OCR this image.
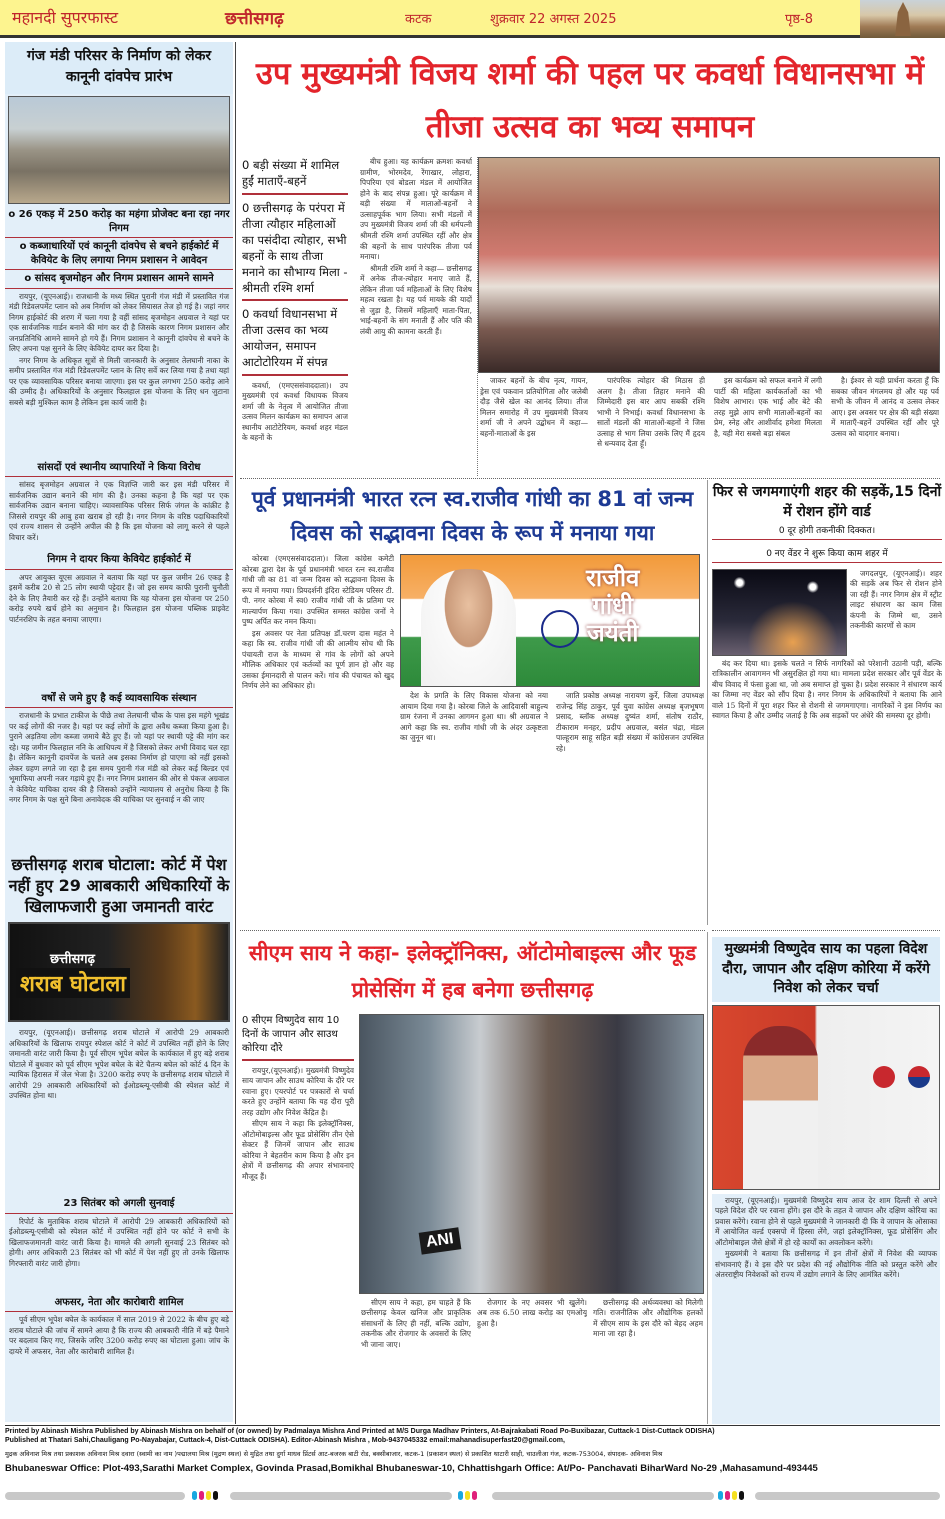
महानदी सुपरफास्ट	छत्तीसगढ़	कटक	शुक्रवार 22 अगस्त 2025	पृष्ठ-8
गंज मंडी परिसर के निर्माण को लेकर कानूनी दांवपेच प्रारंभ
o 26 एकड़ में 250 करोड़ का महंगा प्रोजेक्ट बना रहा नगर निगम
o कब्जाधारियों एवं कानूनी दांवपेच से बचने हाईकोर्ट में केवियेट के लिए लगाया निगम प्रशासन ने आवेदन
o सांसद बृजमोहन और निगम प्रशासन आमने सामने

रायपुर, (यूएनआई)। राजधानी के मध्य स्थित पुरानी गंज मंडी में प्रस्तावित गंज मंडी रिडेवलपमेंट प्लान को अब निर्माण को लेकर सियासत तेज हो गई है। जहां नगर निगम हाईकोर्ट की शरण में चला गया है वहीं सांसद बृजमोहन अग्रवाल ने यहां पर एक सार्वजनिक गार्डन बनाने की मांग कर दी है जिसके कारण निगम प्रशासन और जनप्रतिनिधि आमने सामने हो गये हैं। निगम प्रशासन ने कानूनी दांवपेच से बचने के लिए अपना पक्ष सुनने के लिए केवियेट दायर कर दिया है।

नगर निगम के अधिकृत सूत्रों से मिली जानकारी के अनुसार तेलघानी नाका के समीप प्रस्तावित गंज मंडी रिडेवलपमेंट प्लान के लिए सर्वे कर लिया गया है तथा यहां पर एक व्यावसायिक परिसर बनाया जाएगा। इस पर कुल लगभग 250 करोड़ आने की उम्मीद है। अधिकारियों के अनुसार फिलहाल इस योजना के लिए धन जुटाना सबसे बड़ी मुश्किल काम है लेकिन इस कार्य जारी है।

सांसदों एवं स्थानीय व्यापारियों ने किया विरोध

सांसद बृजमोहन अग्रवाल ने एक विज्ञप्ति जारी कर इस मंडी परिसर में सार्वजनिक उद्यान बनाने की मांग की है। उनका कहना है कि यहां पर एक सार्वजनिक उद्यान बनाना चाहिए। व्यावसायिक परिसर सिर्फ जंगल के कांक्रीट है जिससे रायपुर की आबु हवा खराब हो रही है। नगर निगम के वरिष्ठ पदाधिकारियों एवं राज्य शासन से उन्होंने अपील की है कि इस योजना को लागू करने से पहले विचार करें।

निगम ने दायर किया केवियेट हाईकोर्ट में

अपर आयुक्त यूएस अग्रवाल ने बताया कि यहां पर कुल जमीन 26 एकड़ है इसमें करीब 20 से 25 लोग स्थायी पट्टेदार हैं। जो इस समय काफी पुरानी चुनौती देने के लिए तैयारी कर रहे हैं। उन्होंने बताया कि यह योजना इस योजना पर 250 करोड़ रुपये खर्च होने का अनुमान है। फिलहाल इस योजना पब्लिक प्राइवेट पार्टनरशिप के तहत बनाया जाएगा।

वर्षों से जमे हुए है कई व्यावसायिक संस्थान

राजधानी के प्रभात टाकीज के पीछे तथा तेलघानी चौक के पास इस महंगे भूखंड पर कई लोगों की नजर है। यहां पर कई लोगों के द्वारा अवैध कब्जा किया हुआ है। पुराने अड़तिया लोग कब्जा जमाये बैठे हुए हैं। जो यहां पर स्थायी पट्टे की मांग कर रहे। यह जमीन फिलहाल ननि के आधिपत्य में है जिसको लेकर अभी विवाद चल रहा है। लेकिन कानूनी दावपेंज के चलते अब इसका निर्माण हो पाएगा को नहीं इसको लेकर ग्रहण लगते जा रहा है इस समय पुरानी गंज मंडी को लेकर कई बिल्डर एवं भूमाफिया अपनी नजर गड़ाये हुए हैं। नगर निगम प्रशासन की ओर से पंकज अग्रवाल ने केवियेट याचिका दायर की है जिसको उन्होंने न्यायालय से अनुरोध किया है कि नगर निगम के पक्ष सुने बिना अनावेदक की याचिका पर सुनवाई न की जाए

छत्तीसगढ़ शराब घोटाला: कोर्ट में पेश नहीं हुए 29 आबकारी अधिकारियों के खिलाफजारी हुआ जमानती वारंट
छत्तीसगढ़
शराब घोटाला

रायपुर, (यूएनआई)। छत्तीसगढ़ शराब घोटाले में आरोपी 29 आबकारी अधिकारियों के खिलाफ रायपुर स्पेशल कोर्ट ने कोर्ट में उपस्थित नहीं होने के लिए जमानती वारंट जारी किया है। पूर्व सीएम भूपेश बघेल के कार्यकाल में हुए बड़े शराब घोटाले में बुधवार को पूर्व सीएम भूपेश बघेल के बेटे चैतन्य बघेल को कोर्ट 4 दिन के न्यायिक हिरासत में जेल भेजा है। 3200 करोड़ रुपए के छत्तीसगढ़ शराब घोटाले में आरोपी 29 आबकारी अधिकारियों को ईओडब्ल्यू-एसीबी की स्पेशल कोर्ट में उपस्थित होना था।

23 सितंबर को अगली सुनवाई

रिपोर्ट के मुताबिक शराब घोटाले में आरोपी 29 आबकारी अधिकारियों को ईओडब्ल्यू-एसीबी को स्पेशल कोर्ट में उपस्थित नहीं होने पर कोर्ट ने सभी के खिलाफजमानती वारंट जारी किया है। मामले की अगली सुनवाई 23 सितंबर को होगी। अगर अधिकारी 23 सितंबर को भी कोर्ट में पेश नहीं हुए तो उनके खिलाफ गिरफ्तारी वारंट जारी होगा।

अफसर, नेता और कारोबारी शामिल

पूर्व सीएम भूपेश बघेल के कार्यकाल में साल 2019 से 2022 के बीच हुए बड़े शराब घोटाले की जांच में सामने आया है कि राज्य की आबकारी नीति में बड़े पैमाने पर बदलाव किए गए, जिसके जरिए 3200 करोड़ रुपए का घोटाला हुआ। जांच के दायरे में अफसर, नेता और कारोबारी शामिल हैं।

उप मुख्यमंत्री विजय शर्मा की पहल पर कवर्धा विधानसभा में तीजा उत्सव का भव्य समापन
0 बड़ी संख्या में शामिल हुईं माताएँ-बहनें
0 छत्तीसगढ़ के परंपरा में तीजा त्यौहार महिलाओं का पसंदीदा त्योहार, सभी बहनों के साथ तीजा मनाने का सौभाग्य मिला - श्रीमती रश्मि शर्मा
0 कवर्धा विधानसभा में तीजा उत्सव का भव्य आयोजन, समापन आटोटोरियम में संपन्न
कवर्धा, (एमएससंवाददाता)। उप मुख्यमंत्री एवं कवर्धा विधायक विजय शर्मा जी के नेतृत्व में आयोजित तीजा उत्सव मिलन कार्यक्रम का समापन आज स्थानीय आटोटेरियम, कवर्धा शहर मंडल के बहनों के

बीच हुआ। यह कार्यक्रम क्रमशः कवर्धा ग्रामीण, भोरमदेव, रेंगाखार, लोहारा, पिपरिया एवं बोडला मंडल में आयोजित होने के बाद संपन्न हुआ। पूरे कार्यक्रम में बड़ी संख्या में माताओं-बहनों ने उत्साहपूर्वक भाग लिया। सभी मंडलों में उप मुख्यमंत्री विजय शर्मा जी की धर्मपत्नी श्रीमती रश्मि शर्मा उपस्थित रहीं और क्षेत्र की बहनों के साथ पारंपरिक तीजा पर्व मनाया।

श्रीमती रश्मि शर्मा ने कहा— छत्तीसगढ़ में अनेक तीज-त्योहार मनाए जाते हैं, लेकिन तीजा पर्व महिलाओं के लिए विशेष महत्व रखता है। यह पर्व मायके की यादों से जुड़ा है, जिसमें महिलाएँ माता-पिता, भाई-बहनों के संग मनाती हैं और पति की लंबी आयु की कामना करती हैं।

जाकर बहनों के बीच नृत्य, गायन, ड्रेस एवं पकवान प्रतियोगिता और जलेबी दौड़ जैसे खेल का आनंद लिया। तीज मिलन समारोह में उप मुख्यमंत्री विजय शर्मा जी ने अपने उद्बोधन में कहा— बहनों-माताओं के इस
पारंपरिक त्योहार की मिठास ही अलग है। तीजा तिहार मनाने की जिम्मेदारी इस बार आप सबकी रश्मि भाभी ने निभाई। कवर्धा विधानसभा के सातों मंडलों की माताओं-बहनों ने जिस उत्साह से भाग लिया उसके लिए मैं हृदय से धन्यवाद देता हूँ।
इस कार्यक्रम को सफल बनाने में लगी पार्टी की महिला कार्यकर्ताओं का भी विशेष आभार। एक भाई और बेटे की तरह मुझे आप सभी माताओं-बहनों का प्रेम, स्नेह और आशीर्वाद हमेशा मिलता है, यही मेरा सबसे बड़ा संबल
है। ईश्वर से यही प्रार्थना करता हूँ कि सबका जीवन मंगलमय हो और यह पर्व सभी के जीवन में आनंद व उत्सव लेकर आए। इस अवसर पर क्षेत्र की बड़ी संख्या में माताएँ-बहनें उपस्थित रहीं और पूरे उत्सव को यादगार बनाया।
पूर्व प्रधानमंत्री भारत रत्न स्व.राजीव गांधी का 81 वां जन्म दिवस को सद्भावना दिवस के रूप में मनाया गया

कोरबा (एमएससंवाददाता)। जिला कांग्रेस कमेटी कोरबा द्वारा देश के पूर्व प्रधानमंत्री भारत रत्न स्व.राजीव गांधी जी का 81 वां जन्म दिवस को सद्भावना दिवस के रूप में मनाया गया। प्रियदर्शनी इंदिरा स्टेडियम परिसर टी. पी. नगर कोरबा में स्व0 राजीव गांधी जी के प्रतिमा पर माल्यार्पण किया गया। उपस्थित समस्त कांग्रेस जनों ने पुष्प अर्पित कर नमन किया।

इस अवसर पर नेता प्रतिपक्ष डॉ.चरण दास महंत ने कहा कि स्व. राजीव गांधी जी की आत्मीय सोच थी कि पंचायती राज के माध्यम से गांव के लोगों को अपने मौलिक अधिकार एवं कर्तव्यों का पूर्ण ज्ञान हो और वह उसका ईमानदारी से पालन करें। गांव की पंचायत को खुद निर्णय लेने का अधिकार हो।

राजीव
गांधी
जयंती
देश के प्रगति के लिए विकास योजना को नया आयाम दिया गया है। कोरबा जिले के आदिवासी बाहुल्य ग्राम रंजना में उनका आगमन हुआ था। श्री अग्रवाल ने आगे कहा कि स्व. राजीव गांधी जी के अंदर उत्कृष्टता का जुनून था।
जाति प्रकोष्ठ अध्यक्ष नारायण कुर्रे, जिला उपाध्यक्ष राजेन्द्र सिंह ठाकुर, पूर्व युवा कांग्रेस अध्यक्ष बृजभूषण प्रसाद, ब्लॉक अध्यक्ष दुष्यंत शर्मा, संतोष राठौर, टीकाराम मनहर, प्रदीप अग्रवाल, बसंत चंद्रा, मंडल पाल्हूराम साहू सहित बड़ी संख्या में कांग्रेसजन उपस्थित रहे।
फिर से जगमगाएंगी शहर की सड़कें,15 दिनों में रोशन होंगे वार्ड
0 दूर होगी तकनीकी दिक्कत।
0 नए वेंडर ने शुरू किया काम शहर में
जगदलपुर, (यूएनआई)। शहर की सड़कें अब फिर से रोशन होने जा रही हैं। नगर निगम क्षेत्र में स्ट्रीट लाइट संधारण का काम जिस कंपनी के जिम्मे था, उसने तकनीकी कारणों से काम
बंद कर दिया था। इसके चलते न सिर्फ नागरिकों को परेशानी उठानी पड़ी, बल्कि रात्रिकालीन आवागमन भी असुरक्षित हो गया था। मामला प्रदेश सरकार और पूर्व वेंडर के बीच विवाद में फंसा हुआ था, जो अब समाप्त हो चुका है। प्रदेश सरकार ने संधारण कार्य का जिम्मा नए वेंडर को सौंप दिया है। नगर निगम के अधिकारियों ने बताया कि आने वाले 15 दिनों में पूरा शहर फिर से रोशनी से जगमगाएगा। नागरिकों ने इस निर्णय का स्वागत किया है और उम्मीद जताई है कि अब सड़कों पर अंधेरे की समस्या दूर होगी।
सीएम साय ने कहा- इलेक्ट्रॉनिक्स, ऑटोमोबाइल्स और फूड प्रोसेसिंग में हब बनेगा छत्तीसगढ़
0 सीएम विष्णुदेव साय 10 दिनों के जापान और साउथ कोरिया दौरे

रायपुर,(यूएनआई)। मुख्यमंत्री विष्णुदेव साय जापान और साउथ कोरिया के दौरे पर रवाना हुए। एयरपोर्ट पर पत्रकारों से चर्चा करते हुए उन्होंने बताया कि यह दौरा पूरी तरह उद्योग और निवेश केंद्रित है।

सीएम साय ने कहा कि इलेक्ट्रॉनिक्स, ऑटोमोबाइल्स और फूड प्रोसेसिंग तीन ऐसे सेक्टर हैं जिनमें जापान और साउथ कोरिया ने बेहतरीन काम किया है और इन क्षेत्रों में छत्तीसगढ़ की अपार संभावनाएं मौजूद हैं।

ANI
सीएम साय ने कहा, हम चाहते हैं कि छत्तीसगढ़ केवल खनिज और प्राकृतिक संसाधनों के लिए ही नहीं, बल्कि उद्योग, तकनीक और रोजगार के अवसरों के लिए भी जाना जाए।
रोजगार के नए अवसर भी खुलेंगे। अब तक 6.50 लाख करोड़ का एमओयू हुआ है।
छत्तीसगढ़ की अर्थव्यवस्था को मिलेगी गति। राजनीतिक और औद्योगिक हलकों में सीएम साय के इस दौरे को बेहद अहम माना जा रहा है।
मुख्यमंत्री विष्णुदेव साय का पहला विदेश दौरा, जापान और दक्षिण कोरिया में करेंगे निवेश को लेकर चर्चा

रायपुर, (यूएनआई)। मुख्यमंत्री विष्णुदेव साय आज देर शाम दिल्ली से अपने पहले विदेश दौरे पर रवाना होंगे। इस दौरे के तहत वे जापान और दक्षिण कोरिया का प्रवास करेंगे। रवाना होने से पहले मुख्यमंत्री ने जानकारी दी कि वे जापान के ओसाका में आयोजित वर्ल्ड एक्सपो में हिस्सा लेंगे, जहां इलेक्ट्रॉनिक्स, फूड प्रोसेसिंग और ऑटोमोबाइल जैसे क्षेत्रों में हो रहे कार्यों का अवलोकन करेंगे।

मुख्यमंत्री ने बताया कि छत्तीसगढ़ में इन तीनों क्षेत्रों में निवेश की व्यापक संभावनाएं हैं। वे इस दौरे पर प्रदेश की नई औद्योगिक नीति को प्रस्तुत करेंगे और अंतरराष्ट्रीय निवेशकों को राज्य में उद्योग लगाने के लिए आमंत्रित करेंगे।

Printed by Abinash Mishra Published by Abinash Mishra on behalf of (or owned) by Padmalaya Mishra And Printed at M/S Durga Madhav Printers, At-Bajrakabati Road Po-Buxibazar, Cuttack-1 Dist-Cuttack ODISHA)
Published at Thatari Sahi,Chauligang Po-Nayabajar, Cuttack-4, Dist-Cuttack ODISHA). Editor-Abinash Mishra , Mob-9437045332 email:mahanadisuperfast20@gmail.com,
मुद्रक अविनाश मिश्र तथा प्रकाशक अविनाश मिश्र दवारा (स्वामी का नाम )पद्मालया मिश्र (मुद्रण स्थल) से मुद्रित तथा दुर्गा माधव प्रिंटर्स आट-बजरक बाटी रोड, बक्सीबाजार, कटक-1 (प्रकाशन स्थल) से प्रकाशित थाटारी साही, चाउलीआ गंज, कटक-753004, संपादक- अविनाश मिश्र
Bhubaneswar Office: Plot-493,Sarathi Market Complex, Govinda Prasad,Bomikhal Bhubaneswar-10, Chhattishgarh Office: At/Po- Panchavati BiharWard No-29 ,Mahasamund-493445
